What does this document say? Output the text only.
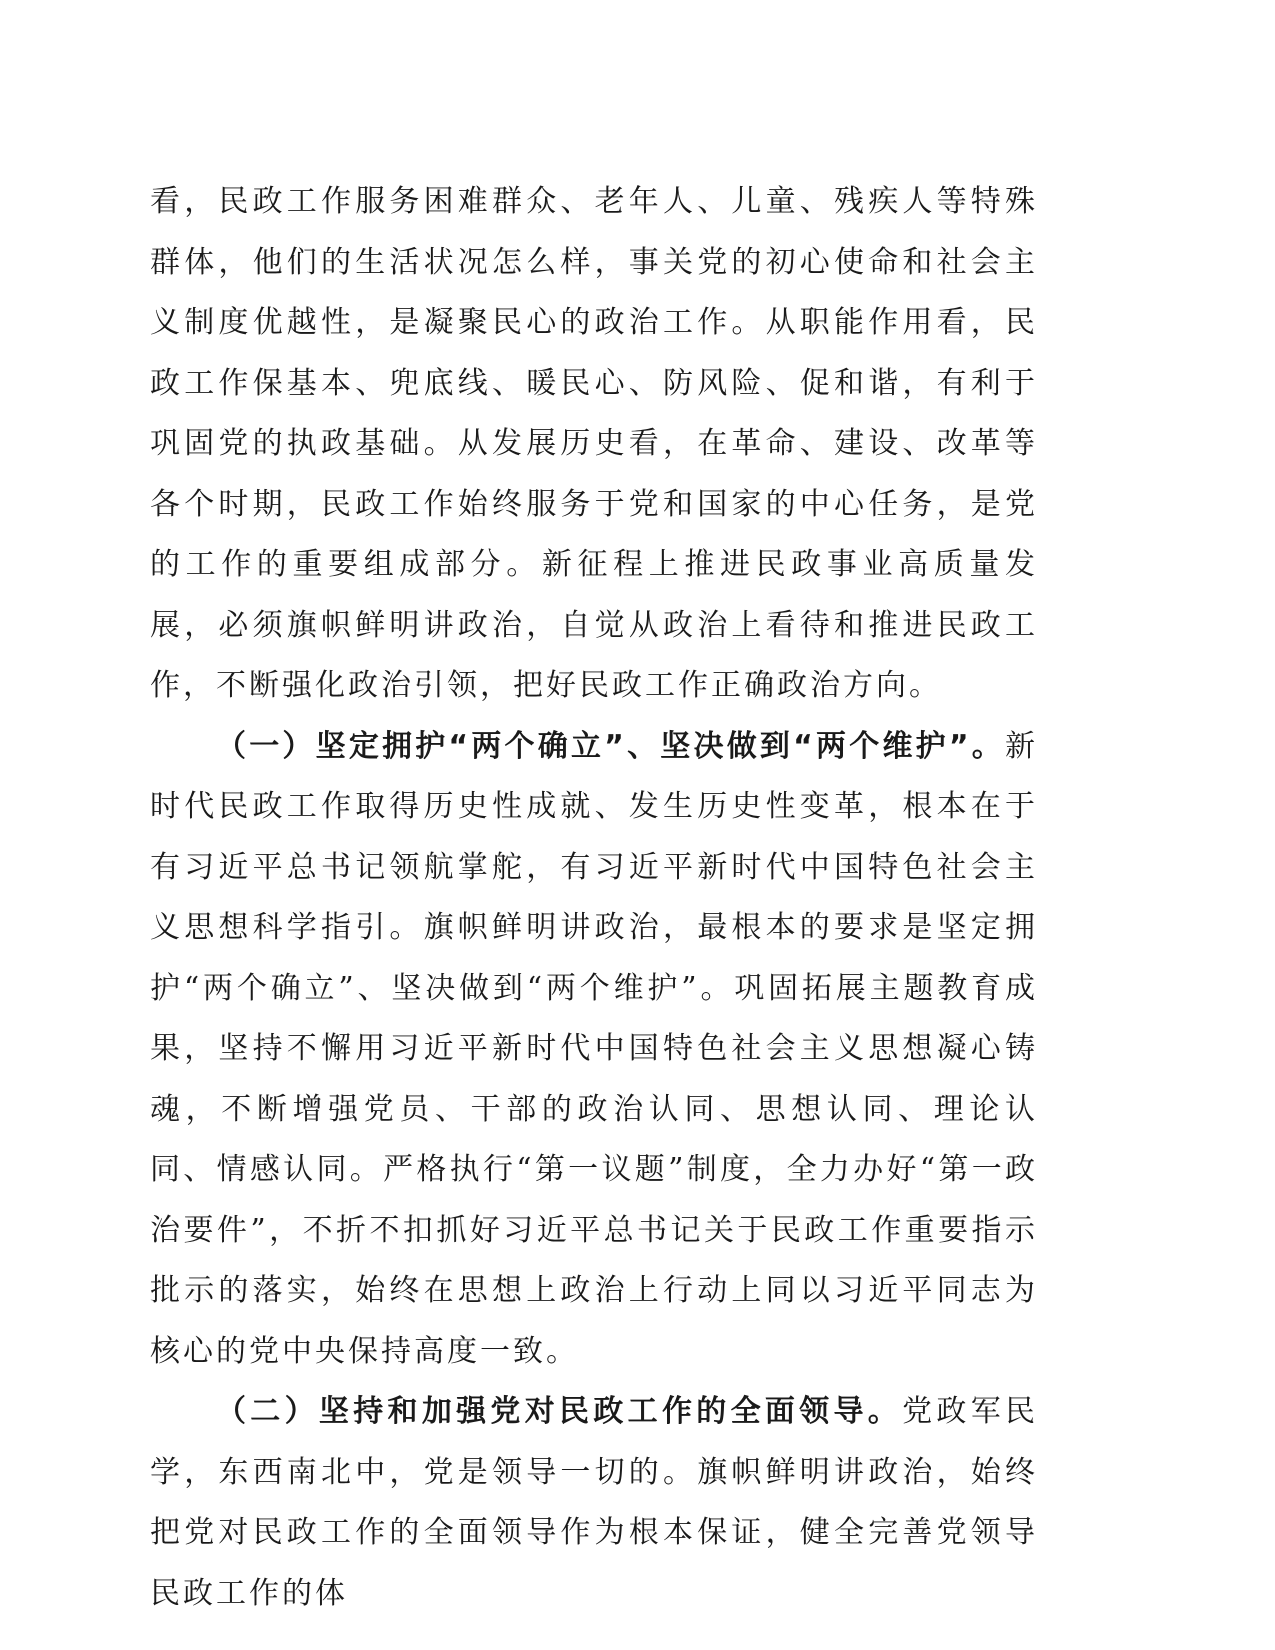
看，民政工作服务困难群众、老年人、儿童、残疾人等特殊群体，他们的生活状况怎么样，事关党的初心使命和社会主义制度优越性，是凝聚民心的政治工作。从职能作用看，民政工作保基本、兜底线、暖民心、防风险、促和谐，有利于巩固党的执政基础。从发展历史看，在革命、建设、改革等各个时期，民政工作始终服务于党和国家的中心任务，是党的工作的重要组成部分。新征程上推进民政事业高质量发展，必须旗帜鲜明讲政治，自觉从政治上看待和推进民政工作，不断强化政治引领，把好民政工作正确政治方向。

（一）坚定拥护“两个确立”、坚决做到“两个维护”。新时代民政工作取得历史性成就、发生历史性变革，根本在于有习近平总书记领航掌舵，有习近平新时代中国特色社会主义思想科学指引。旗帜鲜明讲政治，最根本的要求是坚定拥护“两个确立”、坚决做到“两个维护”。巩固拓展主题教育成果，坚持不懈用习近平新时代中国特色社会主义思想凝心铸魂，不断增强党员、干部的政治认同、思想认同、理论认同、情感认同。严格执行“第一议题”制度，全力办好“第一政治要件”，不折不扣抓好习近平总书记关于民政工作重要指示批示的落实，始终在思想上政治上行动上同以习近平同志为核心的党中央保持高度一致。

（二）坚持和加强党对民政工作的全面领导。党政军民学，东西南北中，党是领导一切的。旗帜鲜明讲政治，始终把党对民政工作的全面领导作为根本保证，健全完善党领导民政工作的体
